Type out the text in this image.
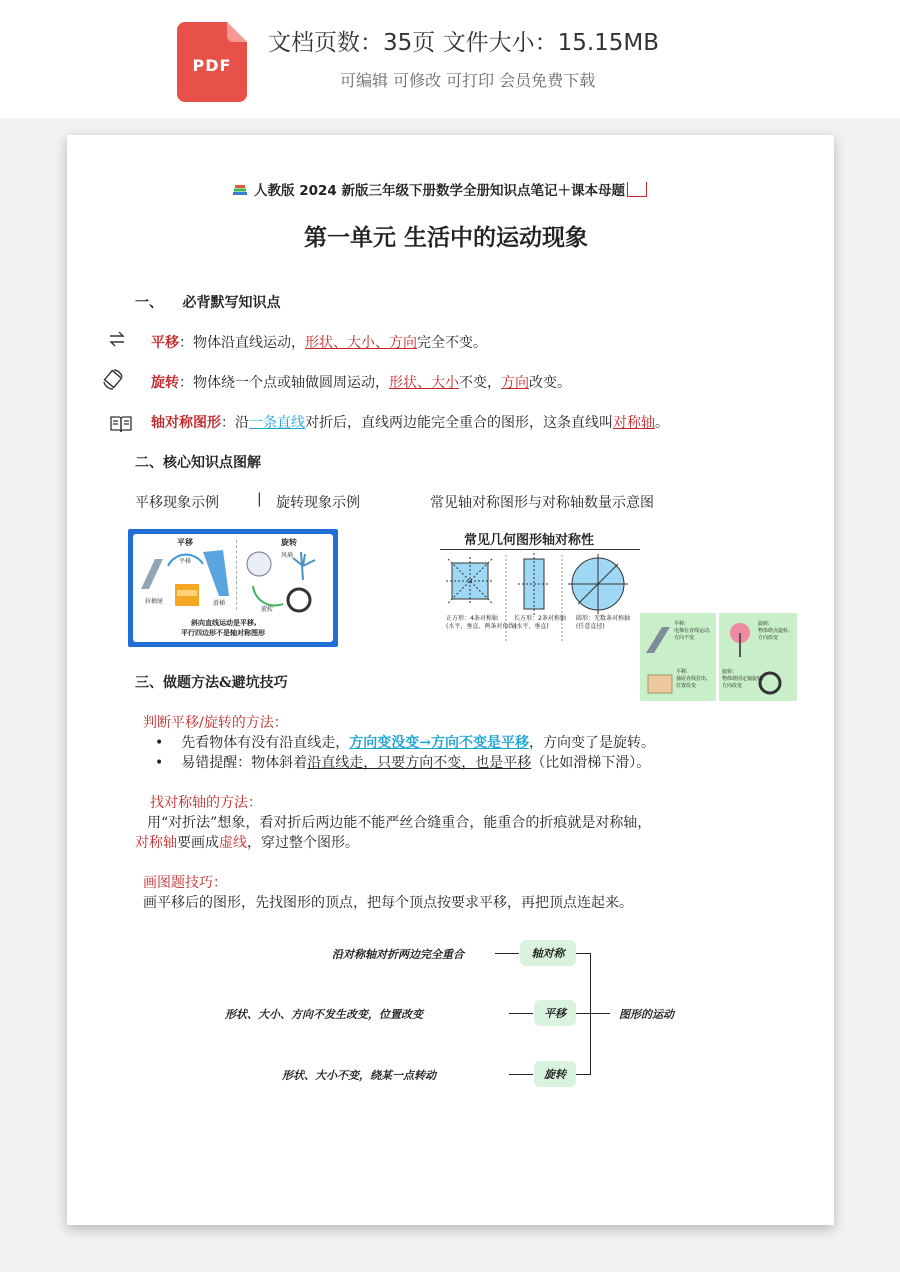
PDF
文档页数：35页 文件大小：15.15MB
可编辑 可修改 可打印 会员免费下载
人教版 2024 新版三年级下册数学全册知识点笔记＋课本母题
第一单元 生活中的运动现象
一、    必背默写知识点
平移：物体沿直线运动，形状、大小、方向完全不变。
旋转：物体绕一个点或轴做圆周运动，形状、大小不变，方向改变。
轴对称图形：沿一条直线对折后，直线两边能完全重合的图形，这条直线叫对称轴。
二、核心知识点图解
平移现象示例	| 旋转现象示例	常见轴对称图形与对称轴数量示意图
平移	旋转
平移
拉抽屉	滑梯
风扇
旋转
斜向直线运动是平移,
平行四边形不是轴对称图形
常见几何图形轴对称性
正方形：4条对称轴
(水平、垂直、两条对角线)
长方形：2条对称轴
(水平、垂直)
圆形：无数条对称轴
(任意直径)	平移:
电梯在直线运动,
方向不变
旋转:
物体绕点旋转,
方向改变
平移:
抽屉直线拉出,
位置改变
旋转:
物体绕固定轴旋转,
方向改变
三、做题方法&避坑技巧
判断平移/旋转的方法：
• 先看物体有没有沿直线走，方向变没变→方向不变是平移，方向变了是旋转。
• 易错提醒：物体斜着沿直线走，只要方向不变，也是平移（比如滑梯下滑）。
找对称轴的方法：
用“对折法”想象，看对折后两边能不能严丝合缝重合，能重合的折痕就是对称轴，
对称轴要画成虚线，穿过整个图形。
画图题技巧：
画平移后的图形，先找图形的顶点，把每个顶点按要求平移，再把顶点连起来。
沿对称轴对折两边完全重合	轴对称
形状、大小、方向不发生改变，位置改变	平移
形状、大小不变，绕某一点转动	旋转
图形的运动
